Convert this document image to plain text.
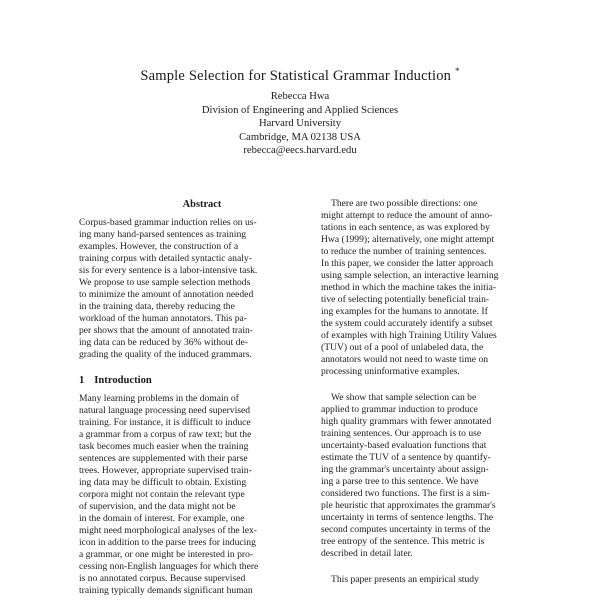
Sample Selection for Statistical Grammar Induction *
Rebecca Hwa
Division of Engineering and Applied Sciences
Harvard University
Cambridge, MA 02138 USA
rebecca@eecs.harvard.edu
Abstract
Corpus-based grammar induction relies on us-
ing many hand-parsed sentences as training
examples. However, the construction of a
training corpus with detailed syntactic analy-
sis for every sentence is a labor-intensive task.
We propose to use sample selection methods
to minimize the amount of annotation needed
in the training data, thereby reducing the
workload of the human annotators. This pa-
per shows that the amount of annotated train-
ing data can be reduced by 36% without de-
grading the quality of the induced grammars.
1 Introduction
Many learning problems in the domain of
natural language processing need supervised
training. For instance, it is difficult to induce
a grammar from a corpus of raw text; but the
task becomes much easier when the training
sentences are supplemented with their parse
trees. However, appropriate supervised train-
ing data may be difficult to obtain. Existing
corpora might not contain the relevant type
of supervision, and the data might not be
in the domain of interest. For example, one
might need morphological analyses of the lex-
icon in addition to the parse trees for inducing
a grammar, or one might be interested in pro-
cessing non-English languages for which there
is no annotated corpus. Because supervised
training typically demands significant human
There are two possible directions: one
might attempt to reduce the amount of anno-
tations in each sentence, as was explored by
Hwa (1999); alternatively, one might attempt
to reduce the number of training sentences.
In this paper, we consider the latter approach
using sample selection, an interactive learning
method in which the machine takes the initia-
tive of selecting potentially beneficial train-
ing examples for the humans to annotate. If
the system could accurately identify a subset
of examples with high Training Utility Values
(TUV) out of a pool of unlabeled data, the
annotators would not need to waste time on
processing uninformative examples.
We show that sample selection can be
applied to grammar induction to produce
high quality grammars with fewer annotated
training sentences. Our approach is to use
uncertainty-based evaluation functions that
estimate the TUV of a sentence by quantify-
ing the grammar's uncertainty about assign-
ing a parse tree to this sentence. We have
considered two functions. The first is a sim-
ple heuristic that approximates the grammar's
uncertainty in terms of sentence lengths. The
second computes uncertainty in terms of the
tree entropy of the sentence. This metric is
described in detail later.
This paper presents an empirical study
